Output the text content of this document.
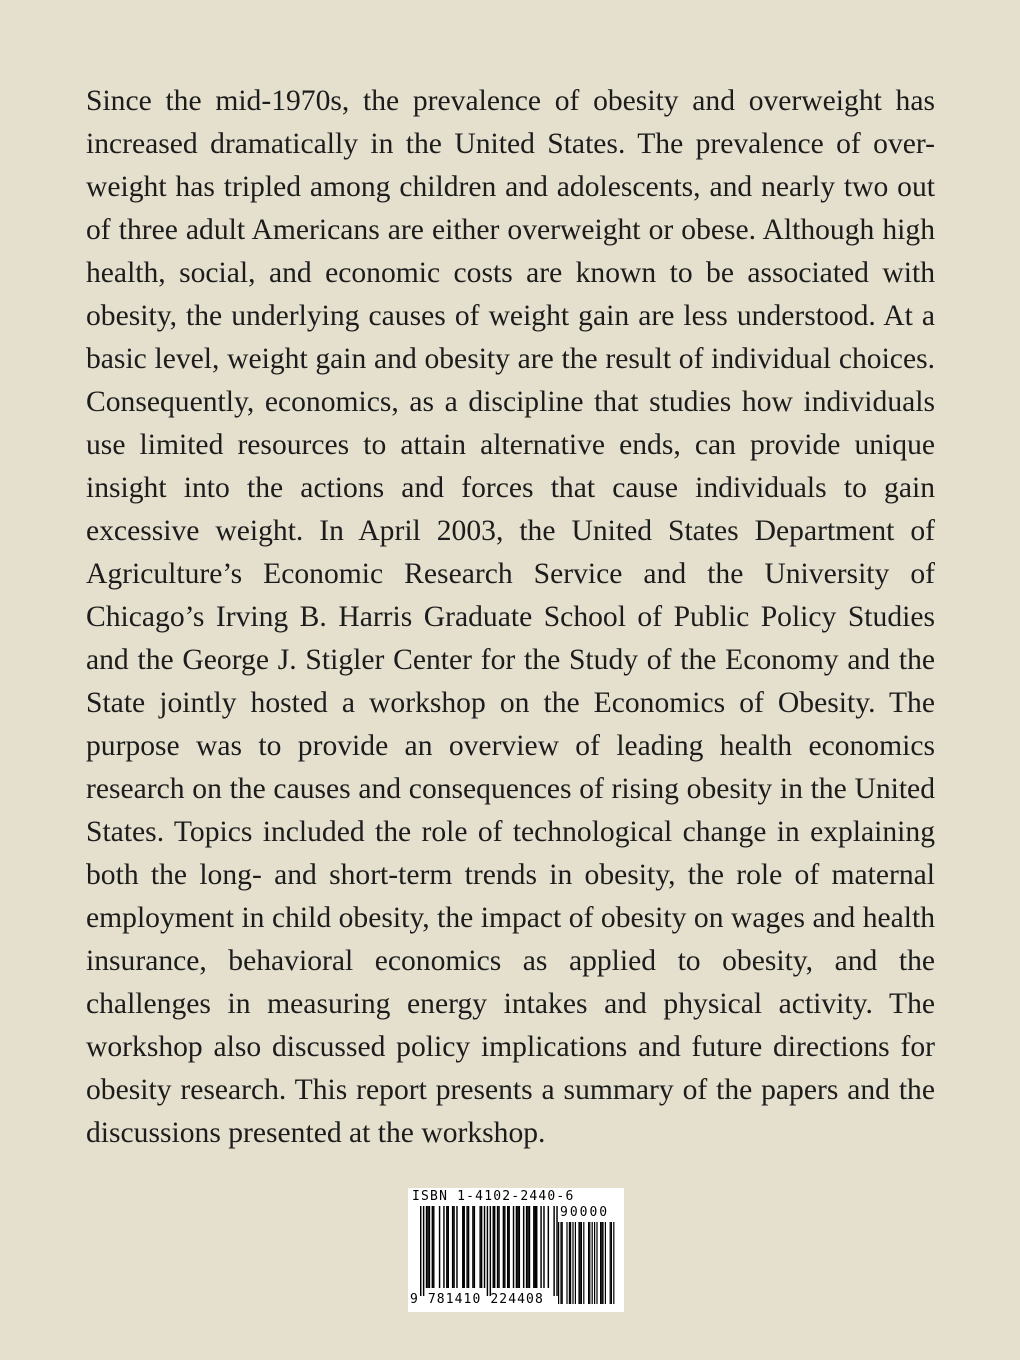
Since the mid-1970s, the prevalence of obesity and overweight has increased dramatically in the United States. The prevalence of over-weight has tripled among children and adolescents, and nearly two out of three adult Americans are either overweight or obese. Although high health, social, and economic costs are known to be associated with obesity, the underlying causes of weight gain are less understood. At a basic level, weight gain and obesity are the result of individual choices. Consequently, economics, as a discipline that studies how individuals use limited resources to attain alternative ends, can provide unique insight into the actions and forces that cause individuals to gain excessive weight. In April 2003, the United States Department of Agriculture’s Economic Research Service and the University of Chicago’s Irving B. Harris Graduate School of Public Policy Studies and the George J. Stigler Center for the Study of the Economy and the State jointly hosted a workshop on the Economics of Obesity. The purpose was to provide an overview of leading health economics research on the causes and consequences of rising obesity in the United States. Topics included the role of technological change in explaining both the long- and short-term trends in obesity, the role of maternal employment in child obesity, the impact of obesity on wages and health insurance, behavioral economics as applied to obesity, and the challenges in measuring energy intakes and physical activity. The workshop also discussed policy implications and future directions for obesity research. This report presents a summary of the papers and the discussions presented at the workshop.

ISBN 1-4102-2440-6
90000
9 781410 224408
